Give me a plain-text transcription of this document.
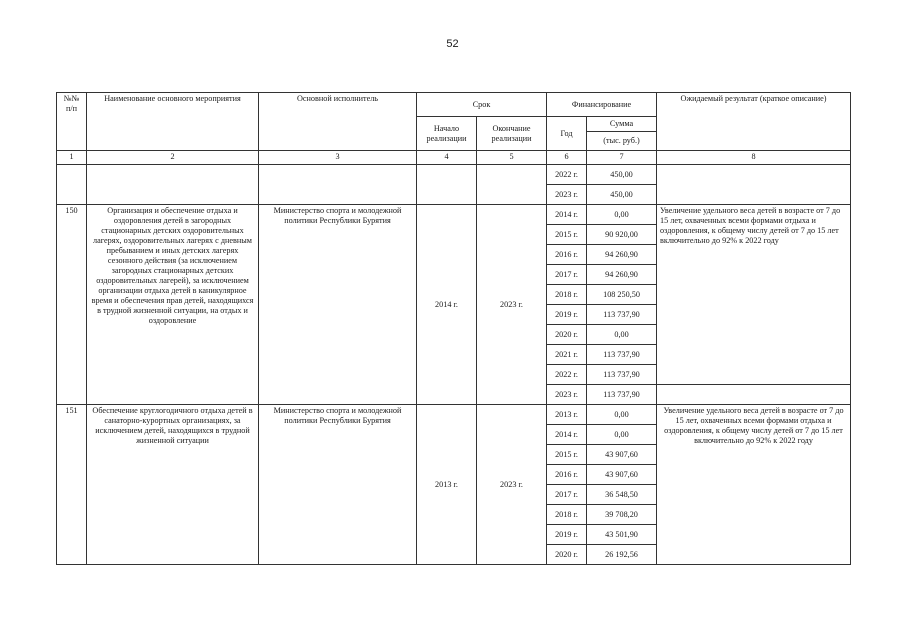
52
№№ п/п	Наименование основного мероприятия	Основной исполнитель	Срок		Финансирование		Ожидаемый результат (краткое описание)
			Начало реализации	Окончание реализации	Год	Сумма
(тыс. руб.)	

1	2	3	4	5	6	7	8
					2022 г.	450,00	
					2023 г.	450,00	
150	Организация и обеспечение отдыха и оздоровления детей в загородных стационарных детских оздоровительных лагерях, оздоровительных лагерях с дневным пребыванием и иных детских лагерях сезонного действия (за исключением загородных стационарных детских оздоровительных лагерей), за исключением организации отдыха детей в каникулярное время и обеспечения прав детей, находящихся в трудной жизненной ситуации, на отдых и оздоровление	Министерство спорта и молодежной политики Республики Бурятия	2014 г.	2023 г.	2014 г.	0,00	Увеличение удельного веса детей в возрасте от 7 до 15 лет, охваченных всеми формами отдыха и оздоровления, к общему числу детей от 7 до 15 лет включительно до 92% к 2022 году
					2015 г.	90 920,00	
					2016 г.	94 260,90	
					2017 г.	94 260,90	
					2018 г.	108 250,50	
					2019 г.	113 737,90	
					2020 г.	0,00	
					2021 г.	113 737,90	
					2022 г.	113 737,90	
					2023 г.	113 737,90	
151	Обеспечение круглогодичного отдыха детей в санаторно-курортных организациях, за исключением детей, находящихся в трудной жизненной ситуации	Министерство спорта и молодежной политики Республики Бурятия	2013 г.	2023 г.	2013 г.	0,00	Увеличение удельного веса детей в возрасте от 7 до 15 лет, охваченных всеми формами отдыха и оздоровления, к общему числу детей от 7 до 15 лет включительно до 92% к 2022 году
					2014 г.	0,00	
					2015 г.	43 907,60	
					2016 г.	43 907,60	
					2017 г.	36 548,50	
					2018 г.	39 708,20	
					2019 г.	43 501,90	
					2020 г.	26 192,56	
